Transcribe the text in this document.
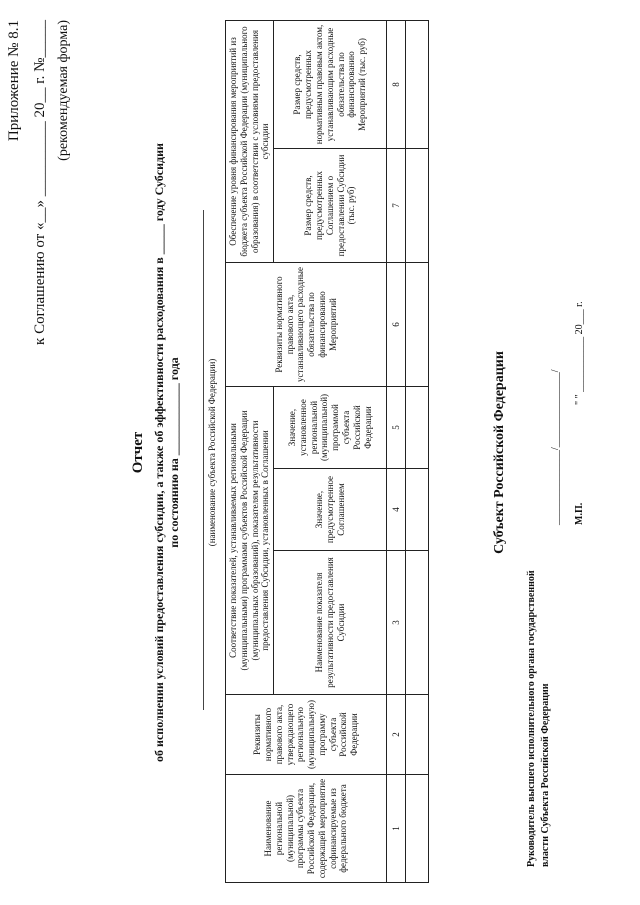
Приложение № 8.1 к Соглашению от «__» __________ 20__ г. №_____ (рекомендуемая форма)
Отчет об исполнении условий предоставления субсидии, а также об эффективности расходования в _____ году Субсидии по состоянию на ____________ года	(наименование субъекта Российской Федерации)
Наименование региональной (муниципальной) программы субъекта Российской Федерации, содержащей мероприятие софинансируемые из федерального бюджета	Реквизиты нормативного правового акта, утверждающего региональную (муниципальную) программу субъекта Российской Федерации	Соответствие показателей, устанавливаемых региональными (муниципальными) программами субъектов Российской Федерации (муниципальных образований), показателям результативности предоставления Субсидии, установленных в Соглашении			Реквизиты нормативного правового акта, устанавливающего расходные обязательства по финансированию Мероприятий	Обеспечение уровня финансирования мероприятий из бюджета субъекта Российской Федерации (муниципального образования) в соответствии с условиями предоставления субсидии	
		Наименование показателя результативности предоставления Субсидии	Значение, предусмотренное Соглашением	Значение, установленное региональной (муниципальной) программой субъекта Российской Федерации		Размер средств, предусмотренных Соглашением о предоставлении Субсидии (тыс. руб)	Размер средств, предусмотренных нормативным правовым актом, устанавливающим расходные обязательства по финансированию Мероприятий (тыс. руб)
1	2	3	4	5	6	7	8

Субъект Российской Федерации
Руководитель высшего исполнительного органа государственной власти Субъекта Российской Федерации
_______________/_______________/ М.П.
" " ___________ 20___ г.
